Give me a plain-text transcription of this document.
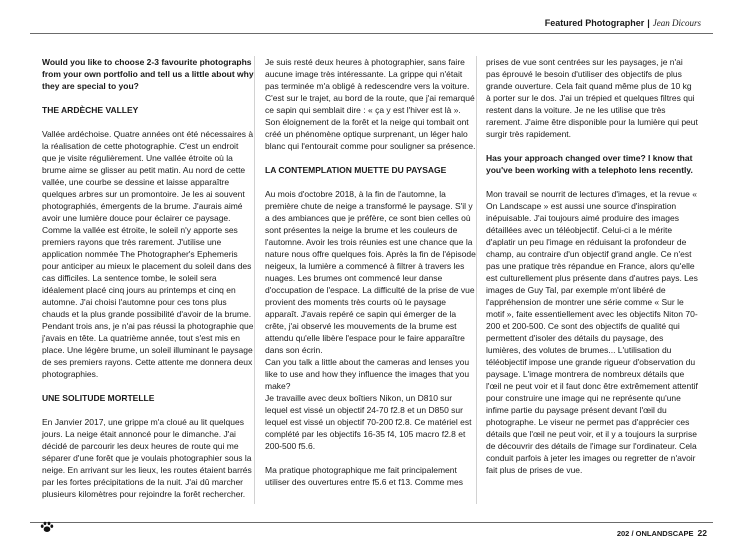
Featured Photographer | Jean Dicours

Would you like to choose 2-3 favourite photographs from your own portfolio and tell us a little about why they are special to you?

THE ARDÈCHE VALLEY

Vallée ardéchoise. Quatre années ont été nécessaires à la réalisation de cette photographie. C'est un endroit que je visite régulièrement. Une vallée étroite où la brume aime se glisser au petit matin. Au nord de cette vallée, une courbe se dessine et laisse apparaître quelques arbres sur un promontoire. Je les ai souvent photographiés, émergents de la brume. J'aurais aimé avoir une lumière douce pour éclairer ce paysage. Comme la vallée est étroite, le soleil n'y apporte ses premiers rayons que très rarement. J'utilise une application nommée The Photographer's Ephemeris pour anticiper au mieux le placement du soleil dans des cas difficiles. La sentence tombe, le soleil sera idéalement placé cinq jours au printemps et cinq en automne. J'ai choisi l'automne pour ces tons plus chauds et la plus grande possibilité d'avoir de la brume. Pendant trois ans, je n'ai pas réussi la photographie que j'avais en tête. La quatrième année, tout s'est mis en place. Une légère brume, un soleil illuminant le paysage de ses premiers rayons. Cette attente me donnera deux photographies.

UNE SOLITUDE MORTELLE

En Janvier 2017, une grippe m'a cloué au lit quelques jours. La neige était annoncé pour le dimanche. J'ai décidé de parcourir les deux heures de route qui me séparer d'une forêt que je voulais photographier sous la neige. En arrivant sur les lieux, les routes étaient barrés par les fortes précipitations de la nuit. J'ai dû marcher plusieurs kilomètres pour rejoindre la forêt rechercher.

Je suis resté deux heures à photographier, sans faire aucune image très intéressante. La grippe qui n'était pas terminée m'a obligé à redescendre vers la voiture. C'est sur le trajet, au bord de la route, que j'ai remarqué ce sapin qui semblait dire : « ça y est l'hiver est là ». Son éloignement de la forêt et la neige qui tombait ont créé un phénomène optique surprenant, un léger halo blanc qui l'entourait comme pour souligner sa présence.

LA CONTEMPLATION MUETTE DU PAYSAGE

Au mois d'octobre 2018, à la fin de l'automne, la première chute de neige a transformé le paysage. S'il y a des ambiances que je préfère, ce sont bien celles où sont présentes la neige la brume et les couleurs de l'automne. Avoir les trois réunies est une chance que la nature nous offre quelques fois. Après la fin de l'épisode neigeux, la lumière a commencé à filtrer à travers les nuages. Les brumes ont commencé leur danse d'occupation de l'espace. La difficulté de la prise de vue provient des moments très courts où le paysage apparaît. J'avais repéré ce sapin qui émerger de la crête, j'ai observé les mouvements de la brume est attendu qu'elle libère l'espace pour le faire apparaître dans son écrin.

Can you talk a little about the cameras and lenses you like to use and how they influence the images that you make?

Je travaille avec deux boîtiers Nikon, un D810 sur lequel est vissé un objectif 24-70 f2.8 et un D850 sur lequel est vissé un objectif 70-200 f2.8. Ce matériel est complété par les objectifs 16-35 f4, 105 macro f2.8 et 200-500 f5.6.

Ma pratique photographique me fait principalement utiliser des ouvertures entre f5.6 et f13. Comme mes

prises de vue sont centrées sur les paysages, je n'ai pas éprouvé le besoin d'utiliser des objectifs de plus grande ouverture. Cela fait quand même plus de 10 kg à porter sur le dos. J'ai un trépied et quelques filtres qui restent dans la voiture. Je ne les utilise que très rarement. J'aime être disponible pour la lumière qui peut surgir très rapidement.

Has your approach changed over time? I know that you've been working with a telephoto lens recently.

Mon travail se nourrit de lectures d'images, et la revue « On Landscape » est aussi une source d'inspiration inépuisable. J'ai toujours aimé produire des images détaillées avec un téléobjectif. Celui-ci a le mérite d'aplatir un peu l'image en réduisant la profondeur de champ, au contraire d'un objectif grand angle. Ce n'est pas une pratique très répandue en France, alors qu'elle est culturellement plus présente dans d'autres pays. Les images de Guy Tal, par exemple m'ont libéré de l'appréhension de montrer une série comme « Sur le motif », faite essentiellement avec les objectifs Niton 70-200 et 200-500. Ce sont des objectifs de qualité qui permettent d'isoler des détails du paysage, des lumières, des volutes de brumes... L'utilisation du téléobjectif impose une grande rigueur d'observation du paysage. L'image montrera de nombreux détails que l'œil ne peut voir et il faut donc être extrêmement attentif pour construire une image qui ne représente qu'une infime partie du paysage présent devant l'œil du photographe. Le viseur ne permet pas d'apprécier ces détails que l'œil ne peut voir, et il y a toujours la surprise de découvrir des détails de l'image sur l'ordinateur. Cela conduit parfois à jeter les images ou regretter de n'avoir fait plus de prises de vue.

202 / ONLANDSCAPE 22
